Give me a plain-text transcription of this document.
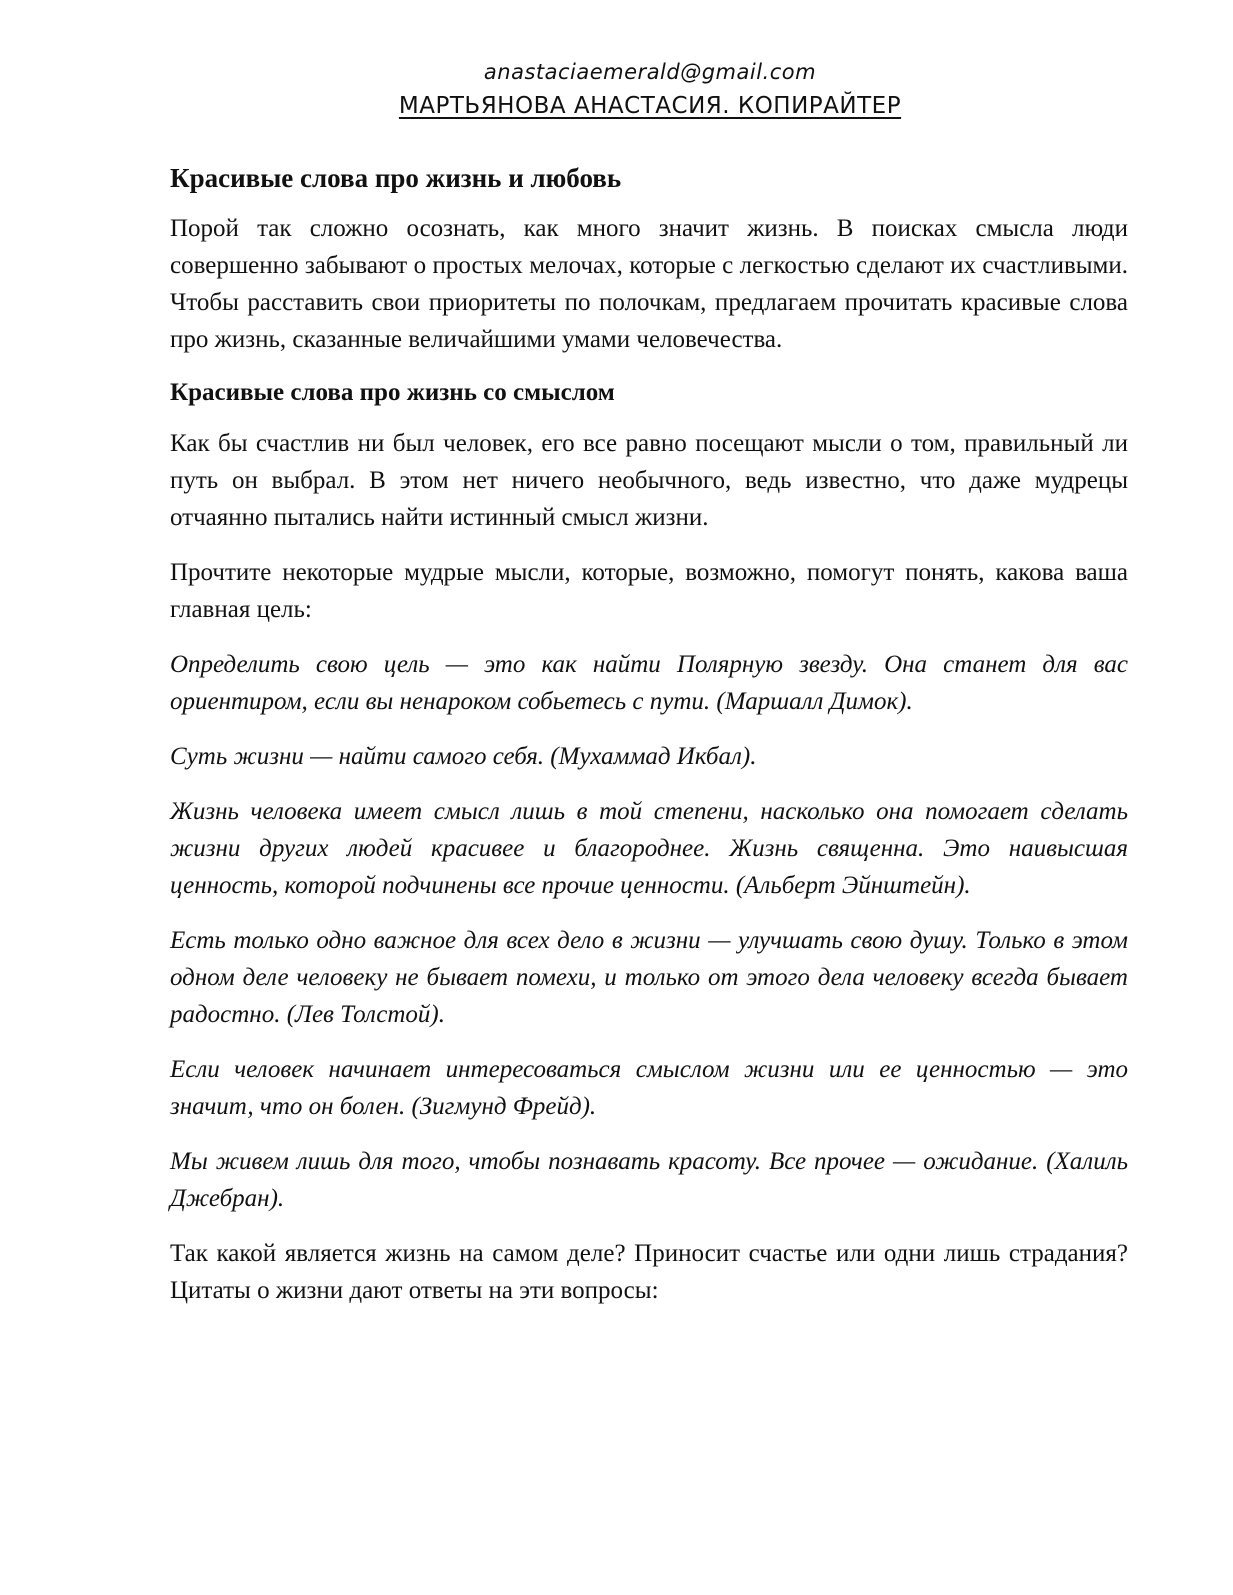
anastaciaemerald@gmail.com
МАРТЬЯНОВА АНАСТАСИЯ. КОПИРАЙТЕР
Красивые слова про жизнь и любовь

Порой так сложно осознать, как много значит жизнь. В поисках смысла люди совершенно забывают о простых мелочах, которые с легкостью сделают их счастливыми. Чтобы расставить свои приоритеты по полочкам, предлагаем прочитать красивые слова про жизнь, сказанные величайшими умами человечества.

Красивые слова про жизнь со смыслом

Как бы счастлив ни был человек, его все равно посещают мысли о том, правильный ли путь он выбрал. В этом нет ничего необычного, ведь известно, что даже мудрецы отчаянно пытались найти истинный смысл жизни.

Прочтите некоторые мудрые мысли, которые, возможно, помогут понять, какова ваша главная цель:

Определить свою цель — это как найти Полярную звезду. Она станет для вас ориентиром, если вы ненароком собьетесь с пути. (Маршалл Димок).

Суть жизни — найти самого себя. (Мухаммад Икбал).

Жизнь человека имеет смысл лишь в той степени, насколько она помогает сделать жизни других людей красивее и благороднее. Жизнь священна. Это наивысшая ценность, которой подчинены все прочие ценности. (Альберт Эйнштейн).

Есть только одно важное для всех дело в жизни — улучшать свою душу. Только в этом одном деле человеку не бывает помехи, и только от этого дела человеку всегда бывает радостно. (Лев Толстой).

Если человек начинает интересоваться смыслом жизни или ее ценностью — это значит, что он болен. (Зигмунд Фрейд).

Мы живем лишь для того, чтобы познавать красоту. Все прочее — ожидание. (Халиль Джебран).

Так какой является жизнь на самом деле? Приносит счастье или одни лишь страдания? Цитаты о жизни дают ответы на эти вопросы:
